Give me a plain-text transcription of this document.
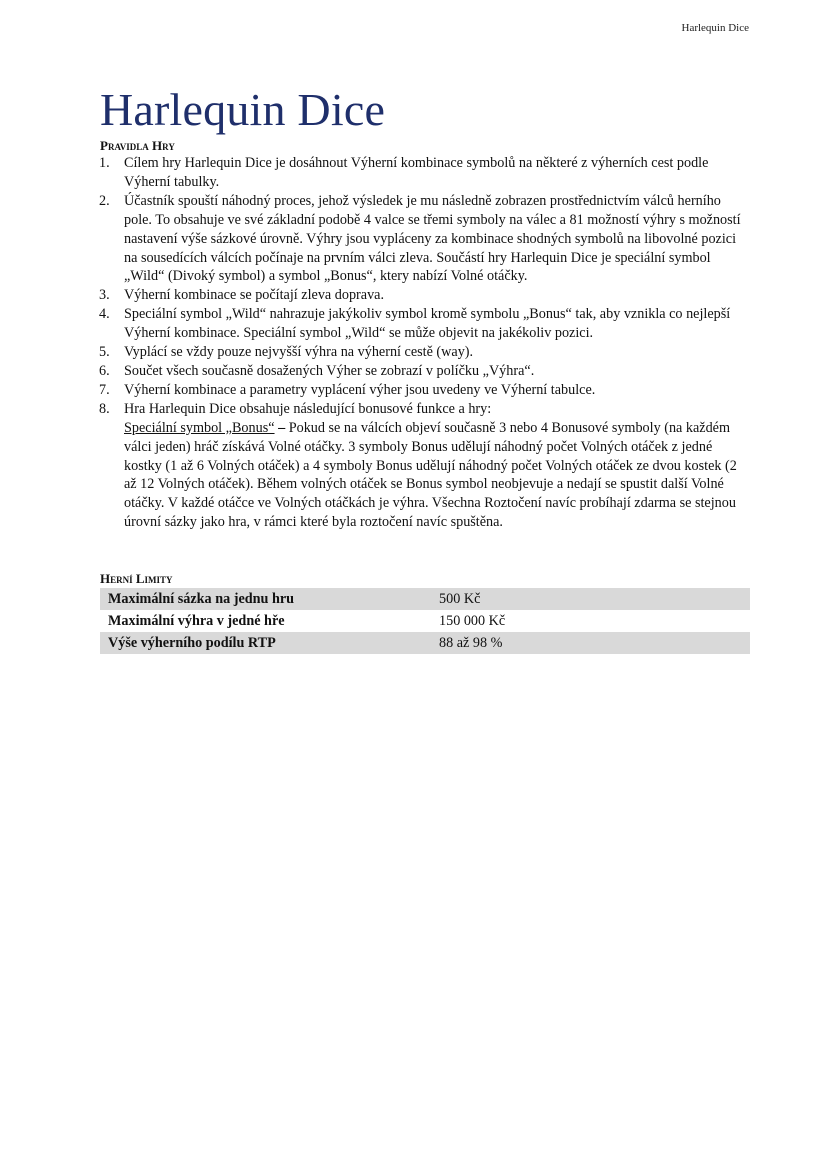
Harlequin Dice
Harlequin Dice
Pravidla Hry
1. Cílem hry Harlequin Dice je dosáhnout Výherní kombinace symbolů na některé z výherních cest podle Výherní tabulky.
2. Účastník spouští náhodný proces, jehož výsledek je mu následně zobrazen prostřednictvím válců herního pole. To obsahuje ve své základní podobě 4 valce se třemi symboly na válec a 81 možností výhry s možností nastavení výše sázkové úrovně. Výhry jsou vypláceny za kombinace shodných symbolů na libovolné pozici na sousedících válcích počínaje na prvním válci zleva. Součástí hry Harlequin Dice je speciální symbol „Wild“ (Divoký symbol) a symbol „Bonus“, ktery nabízí Volné otáčky.
3. Výherní kombinace se počítají zleva doprava.
4. Speciální symbol „Wild“ nahrazuje jakýkoliv symbol kromě symbolu „Bonus“ tak, aby vznikla co nejlepší Výherní kombinace. Speciální symbol „Wild“ se může objevit na jakékoliv pozici.
5. Vyplácí se vždy pouze nejvyšší výhra na výherní cestě (way).
6. Součet všech současně dosažených Výher se zobrazí v políčku „Výhra“.
7. Výherní kombinace a parametry vyplácení výher jsou uvedeny ve Výherní tabulce.
8. Hra Harlequin Dice obsahuje následující bonusové funkce a hry:
Speciální symbol „Bonus“ – Pokud se na válcích objeví současně 3 nebo 4 Bonusové symboly (na každém válci jeden) hráč získává Volné otáčky. 3 symboly Bonus udělují náhodný počet Volných otáček z jedné kostky (1 až 6 Volných otáček) a 4 symboly Bonus udělují náhodný počet Volných otáček ze dvou kostek (2 až 12 Volných otáček). Během volných otáček se Bonus symbol neobjevuje a nedají se spustit další Volné otáčky. V každé otáčce ve Volných otáčkách je výhra. Všechna Roztočení navíc probíhají zdarma se stejnou úrovní sázky jako hra, v rámci které byla roztočení navíc spuštěna.
Herní Limity
Maximální sázka na jednu hru	500 Kč
Maximální výhra v jedné hře	150 000 Kč
Výše výherního podílu RTP	88 až 98 %
